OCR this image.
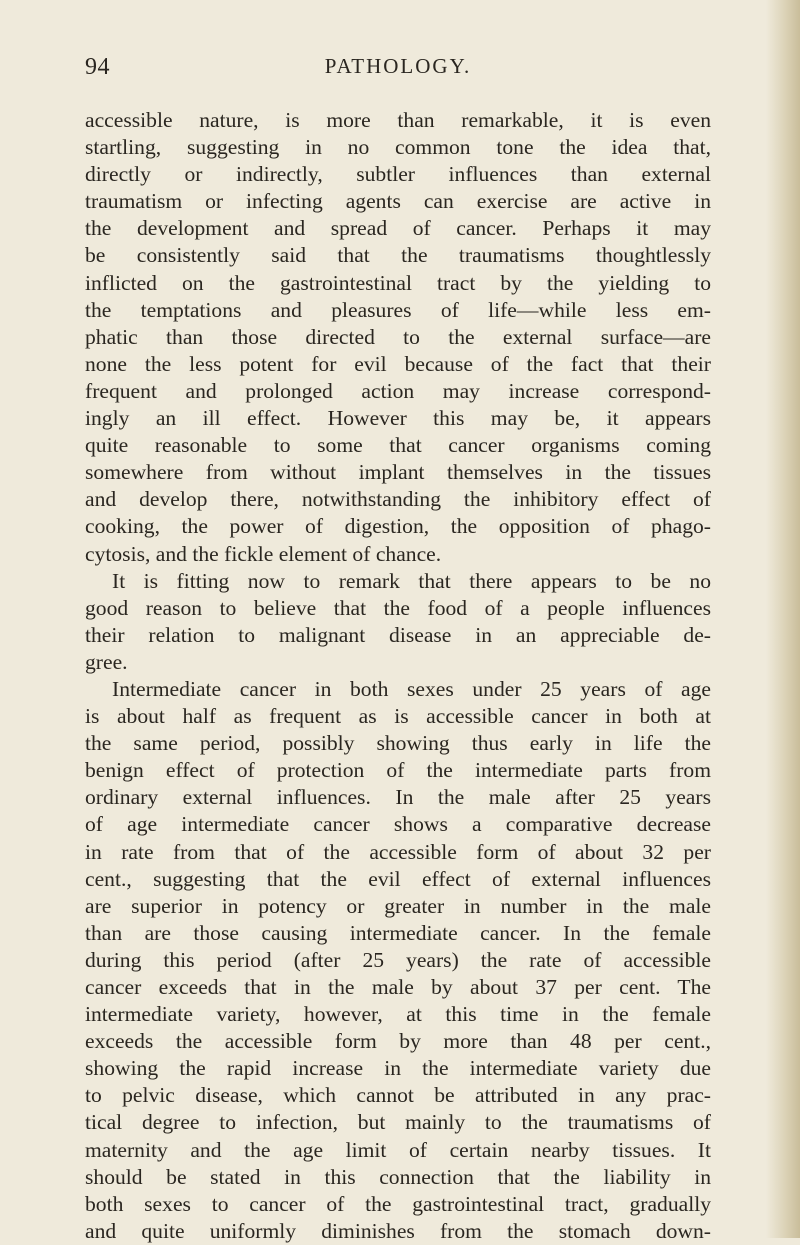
94	PATHOLOGY.
accessible nature, is more than remarkable, it is even
startling, suggesting in no common tone the idea that,
directly or indirectly, subtler influences than external
traumatism or infecting agents can exercise are active in
the development and spread of cancer. Perhaps it may
be consistently said that the traumatisms thoughtlessly
inflicted on the gastrointestinal tract by the yielding to
the temptations and pleasures of life—while less em-
phatic than those directed to the external surface—are
none the less potent for evil because of the fact that their
frequent and prolonged action may increase correspond-
ingly an ill effect. However this may be, it appears
quite reasonable to some that cancer organisms coming
somewhere from without implant themselves in the tissues
and develop there, notwithstanding the inhibitory effect of
cooking, the power of digestion, the opposition of phago-
cytosis, and the fickle element of chance.
It is fitting now to remark that there appears to be no
good reason to believe that the food of a people influences
their relation to malignant disease in an appreciable de-
gree.
Intermediate cancer in both sexes under 25 years of age
is about half as frequent as is accessible cancer in both at
the same period, possibly showing thus early in life the
benign effect of protection of the intermediate parts from
ordinary external influences. In the male after 25 years
of age intermediate cancer shows a comparative decrease
in rate from that of the accessible form of about 32 per
cent., suggesting that the evil effect of external influences
are superior in potency or greater in number in the male
than are those causing intermediate cancer. In the female
during this period (after 25 years) the rate of accessible
cancer exceeds that in the male by about 37 per cent. The
intermediate variety, however, at this time in the female
exceeds the accessible form by more than 48 per cent.,
showing the rapid increase in the intermediate variety due
to pelvic disease, which cannot be attributed in any prac-
tical degree to infection, but mainly to the traumatisms of
maternity and the age limit of certain nearby tissues. It
should be stated in this connection that the liability in
both sexes to cancer of the gastrointestinal tract, gradually
and quite uniformly diminishes from the stomach down-
